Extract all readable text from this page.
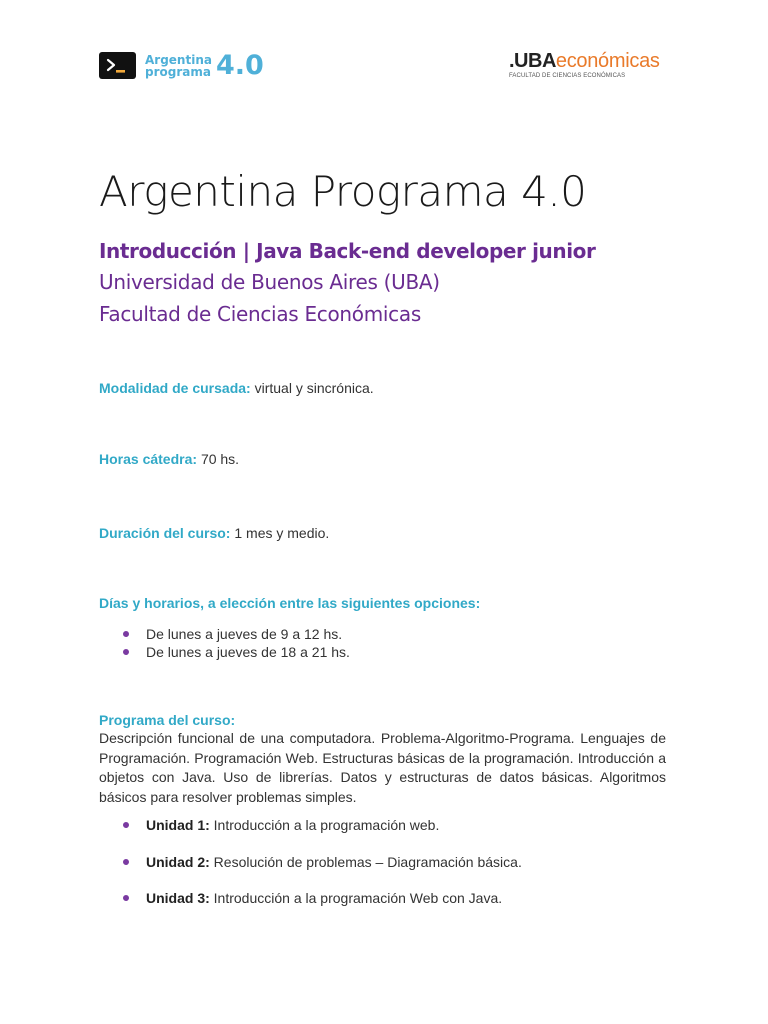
Argentina
programa 4.0	.UBAeconómicas
FACULTAD DE CIENCIAS ECONÓMICAS
Argentina Programa 4.0
Introducción | Java Back-end developer junior
Universidad de Buenos Aires (UBA)
Facultad de Ciencias Económicas
Modalidad de cursada: virtual y sincrónica.
Horas cátedra: 70 hs.
Duración del curso: 1 mes y medio.
Días y horarios, a elección entre las siguientes opciones:
De lunes a jueves de 9 a 12 hs.
De lunes a jueves de 18 a 21 hs.
Programa del curso:

Descripción funcional de una computadora. Problema-Algoritmo-Programa. Lenguajes de Programación. Programación Web. Estructuras básicas de la programación. Introducción a objetos con Java. Uso de librerías. Datos y estructuras de datos básicas. Algoritmos básicos para resolver problemas simples.

Unidad 1: Introducción a la programación web.
Unidad 2: Resolución de problemas – Diagramación básica.
Unidad 3: Introducción a la programación Web con Java.
